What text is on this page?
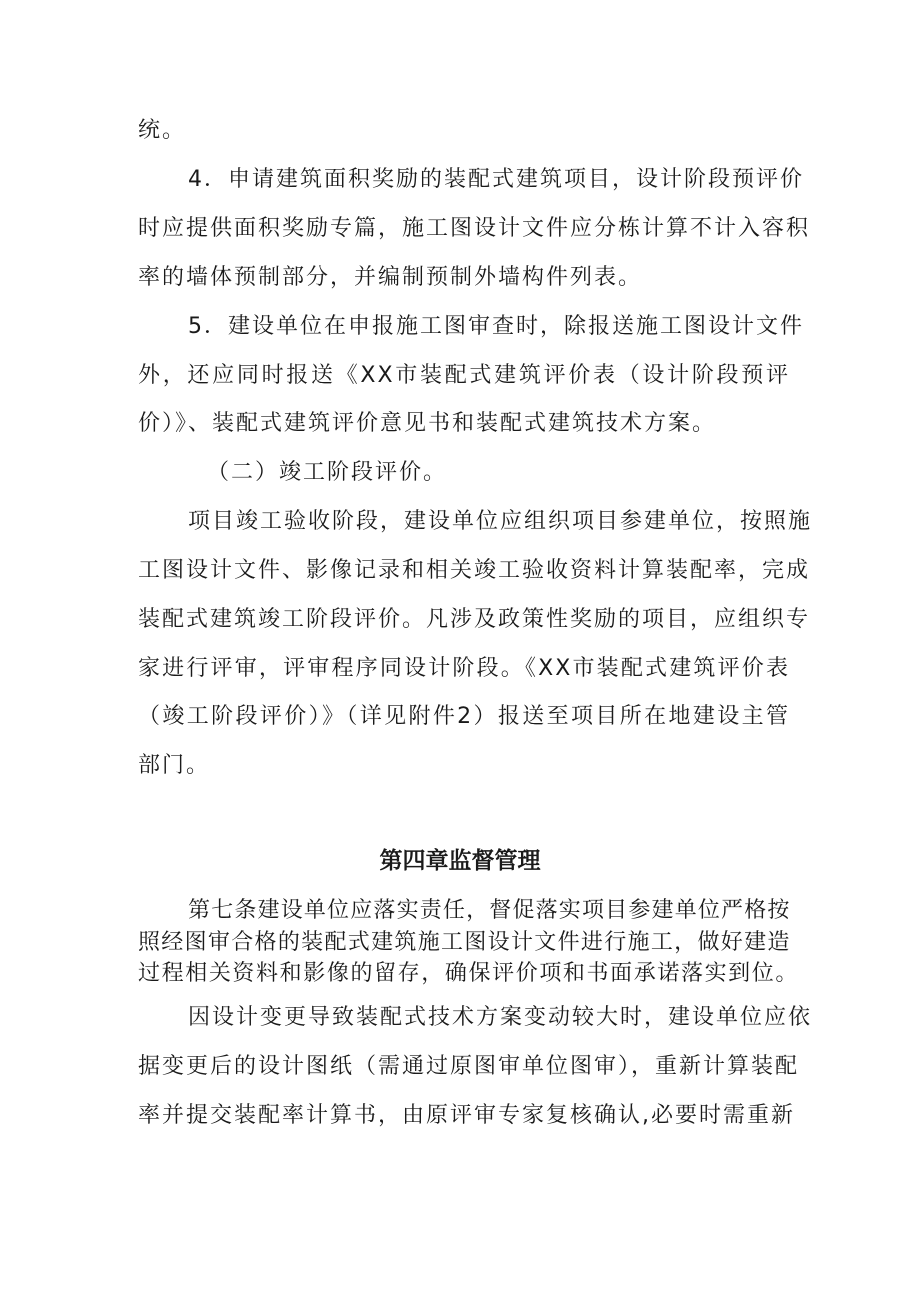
统。
4．申请建筑面积奖励的装配式建筑项目，设计阶段预评价
时应提供面积奖励专篇，施工图设计文件应分栋计算不计入容积
率的墙体预制部分，并编制预制外墙构件列表。
5．建设单位在申报施工图审查时，除报送施工图设计文件
外，还应同时报送《XX市装配式建筑评价表（设计阶段预评
价）》、装配式建筑评价意见书和装配式建筑技术方案。
（二）竣工阶段评价。
项目竣工验收阶段，建设单位应组织项目参建单位，按照施
工图设计文件、影像记录和相关竣工验收资料计算装配率，完成
装配式建筑竣工阶段评价。凡涉及政策性奖励的项目，应组织专
家进行评审，评审程序同设计阶段。《XX市装配式建筑评价表
（竣工阶段评价）》（详见附件2）报送至项目所在地建设主管
部门。
第四章监督管理
第七条建设单位应落实责任，督促落实项目参建单位严格按
照经图审合格的装配式建筑施工图设计文件进行施工，做好建造
过程相关资料和影像的留存，确保评价项和书面承诺落实到位。
因设计变更导致装配式技术方案变动较大时，建设单位应依
据变更后的设计图纸（需通过原图审单位图审），重新计算装配
率并提交装配率计算书，由原评审专家复核确认,必要时需重新
